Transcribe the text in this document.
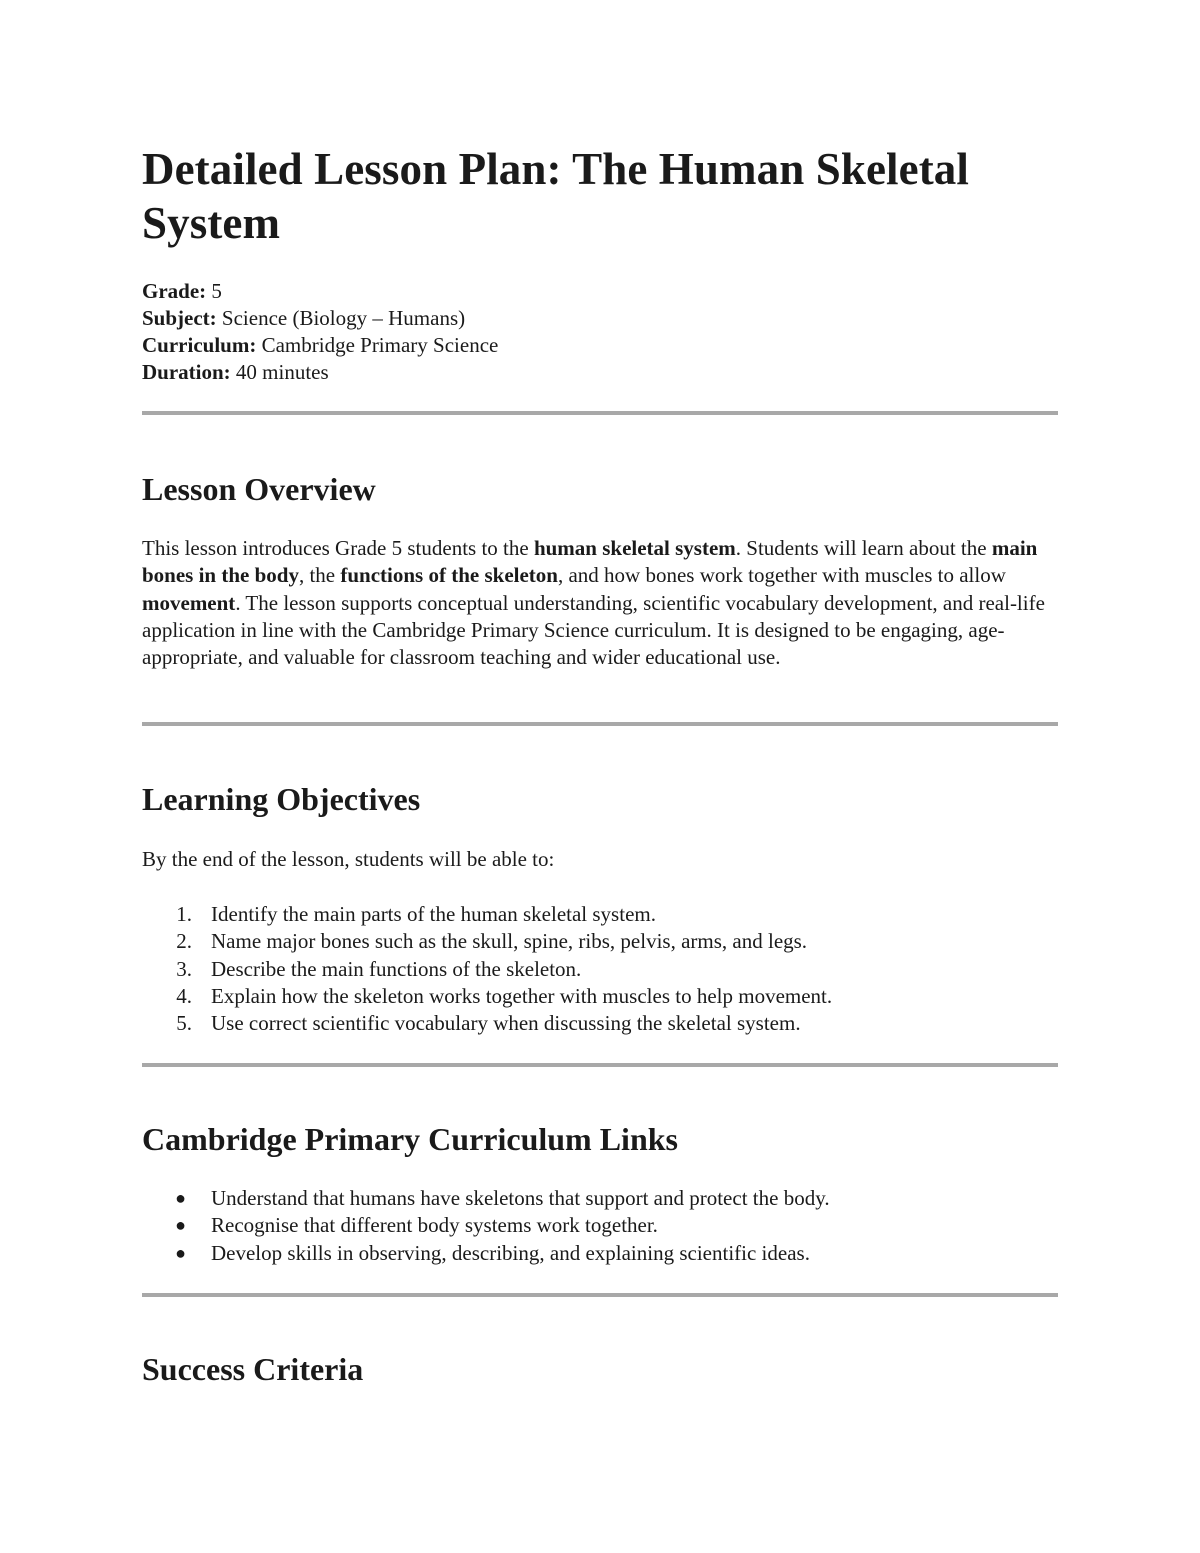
Detailed Lesson Plan: The Human Skeletal System
Grade: 5
Subject: Science (Biology – Humans)
Curriculum: Cambridge Primary Science
Duration: 40 minutes
Lesson Overview

This lesson introduces Grade 5 students to the human skeletal system. Students will learn about the main bones in the body, the functions of the skeleton, and how bones work together with muscles to allow movement. The lesson supports conceptual understanding, scientific vocabulary development, and real-life application in line with the Cambridge Primary Science curriculum. It is designed to be engaging, age-appropriate, and valuable for classroom teaching and wider educational use.

Learning Objectives

By the end of the lesson, students will be able to:

1. Identify the main parts of the human skeletal system.
2. Name major bones such as the skull, spine, ribs, pelvis, arms, and legs.
3. Describe the main functions of the skeleton.
4. Explain how the skeleton works together with muscles to help movement.
5. Use correct scientific vocabulary when discussing the skeletal system.
Cambridge Primary Curriculum Links
● Understand that humans have skeletons that support and protect the body.
● Recognise that different body systems work together.
● Develop skills in observing, describing, and explaining scientific ideas.
Success Criteria
